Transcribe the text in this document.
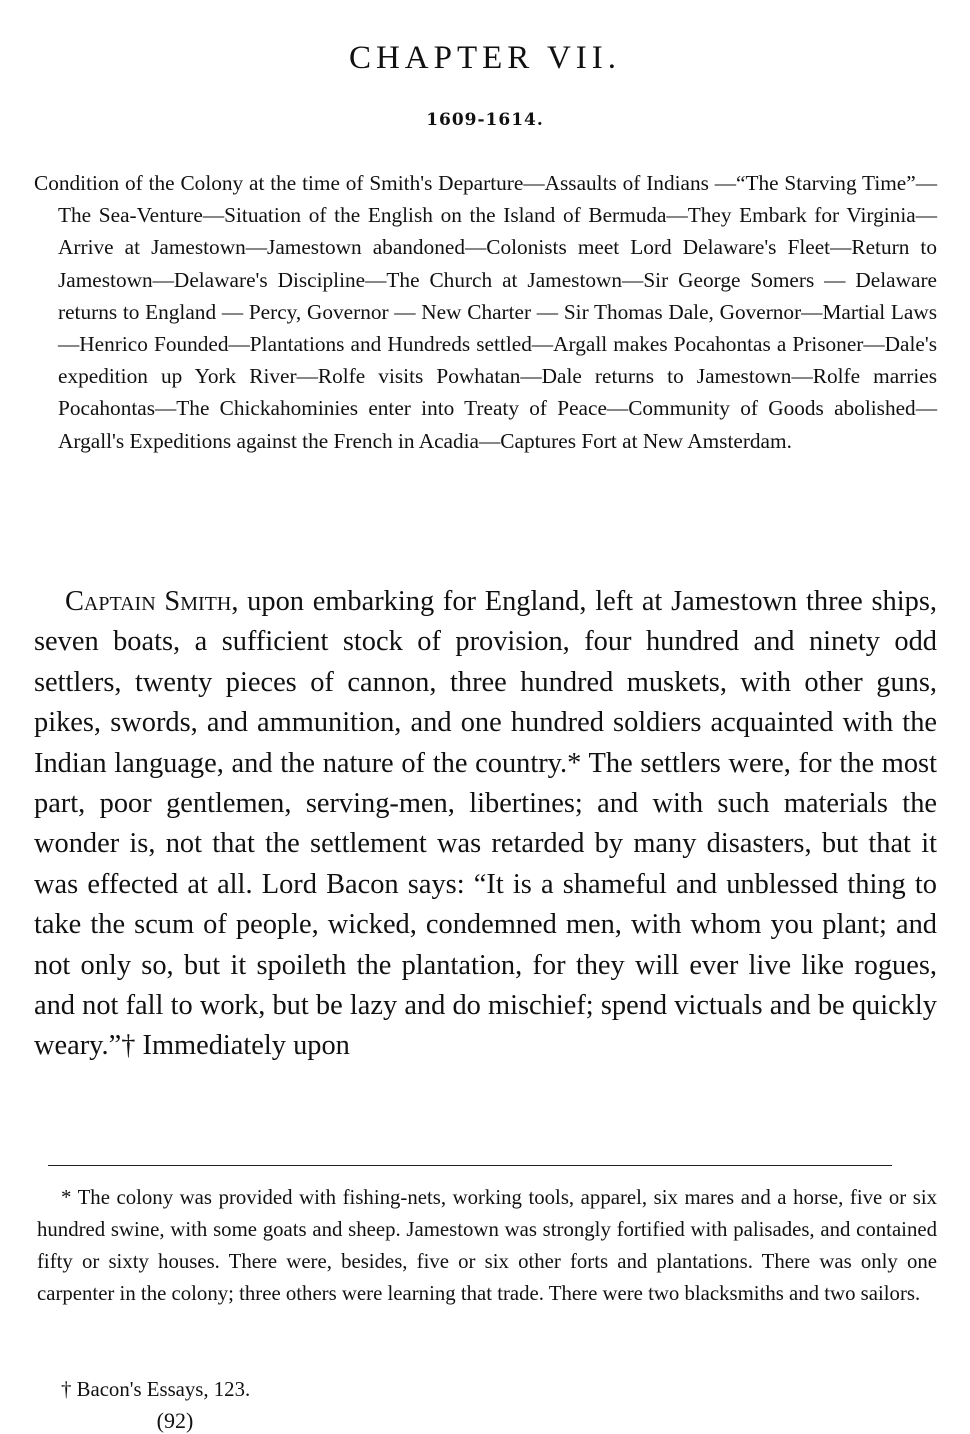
CHAPTER VII.
1609-1614.
Condition of the Colony at the time of Smith's Departure—Assaults of Indians —“The Starving Time”—The Sea-Venture—Situation of the English on the Island of Bermuda—They Embark for Virginia—Arrive at Jamestown—Jamestown abandoned—Colonists meet Lord Delaware's Fleet—Return to Jamestown—Delaware's Discipline—The Church at Jamestown—Sir George Somers — Delaware returns to England — Percy, Governor — New Charter — Sir Thomas Dale, Governor—Martial Laws—Henrico Founded—Plantations and Hundreds settled—Argall makes Pocahontas a Prisoner—Dale's expedition up York River—Rolfe visits Powhatan—Dale returns to Jamestown—Rolfe marries Pocahontas—The Chickahominies enter into Treaty of Peace—Community of Goods abolished—Argall's Expeditions against the French in Acadia—Captures Fort at New Amsterdam.
Captain Smith, upon embarking for England, left at Jamestown three ships, seven boats, a sufficient stock of provision, four hundred and ninety odd settlers, twenty pieces of cannon, three hundred muskets, with other guns, pikes, swords, and ammunition, and one hundred soldiers acquainted with the Indian language, and the nature of the country.* The settlers were, for the most part, poor gentlemen, serving-men, libertines; and with such materials the wonder is, not that the settlement was retarded by many disasters, but that it was effected at all. Lord Bacon says: “It is a shameful and unblessed thing to take the scum of people, wicked, condemned men, with whom you plant; and not only so, but it spoileth the plantation, for they will ever live like rogues, and not fall to work, but be lazy and do mischief; spend victuals and be quickly weary.”† Immediately upon
* The colony was provided with fishing-nets, working tools, apparel, six mares and a horse, five or six hundred swine, with some goats and sheep. Jamestown was strongly fortified with palisades, and contained fifty or sixty houses. There were, besides, five or six other forts and plantations. There was only one carpenter in the colony; three others were learning that trade. There were two blacksmiths and two sailors.
† Bacon's Essays, 123.
(92)
